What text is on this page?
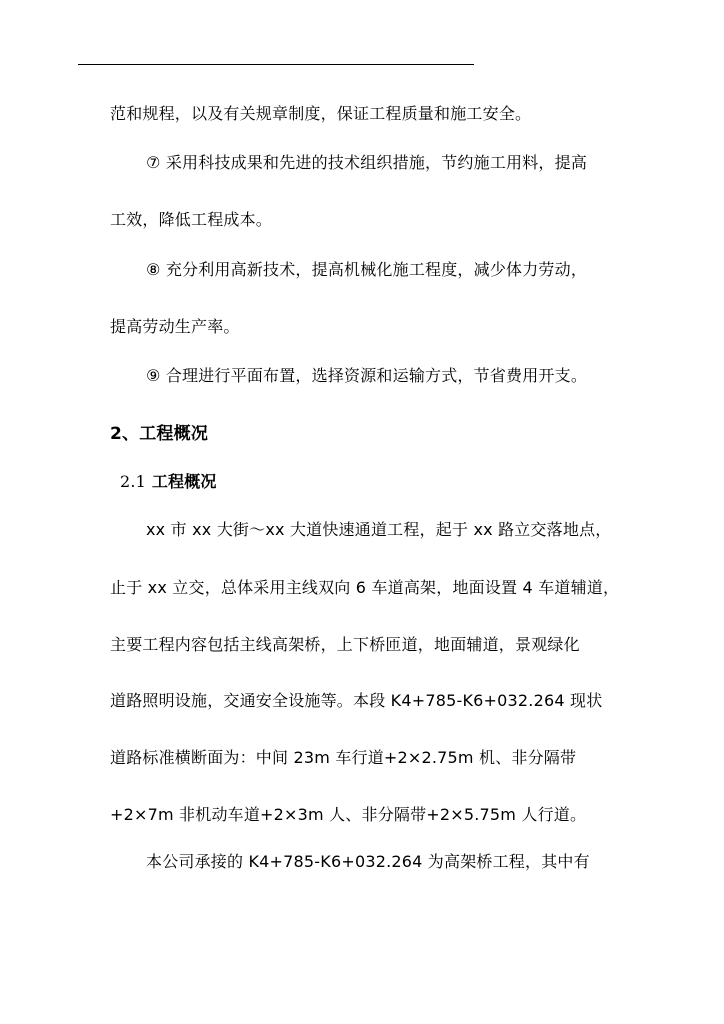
范和规程，以及有关规章制度，保证工程质量和施工安全。
⑦ 采用科技成果和先进的技术组织措施，节约施工用料，提高
工效，降低工程成本。
⑧ 充分利用高新技术，提高机械化施工程度，减少体力劳动，
提高劳动生产率。
⑨ 合理进行平面布置，选择资源和运输方式，节省费用开支。
2、工程概况
2.1 工程概况
xx 市 xx 大街～xx 大道快速通道工程，起于 xx 路立交落地点，
止于 xx 立交，总体采用主线双向 6 车道高架，地面设置 4 车道辅道，
主要工程内容包括主线高架桥，上下桥匝道，地面辅道，景观绿化
道路照明设施，交通安全设施等。本段 K4+785-K6+032.264 现状
道路标准横断面为：中间 23m 车行道+2×2.75m 机、非分隔带
+2×7m 非机动车道+2×3m 人、非分隔带+2×5.75m 人行道。
本公司承接的 K4+785-K6+032.264 为高架桥工程，其中有
